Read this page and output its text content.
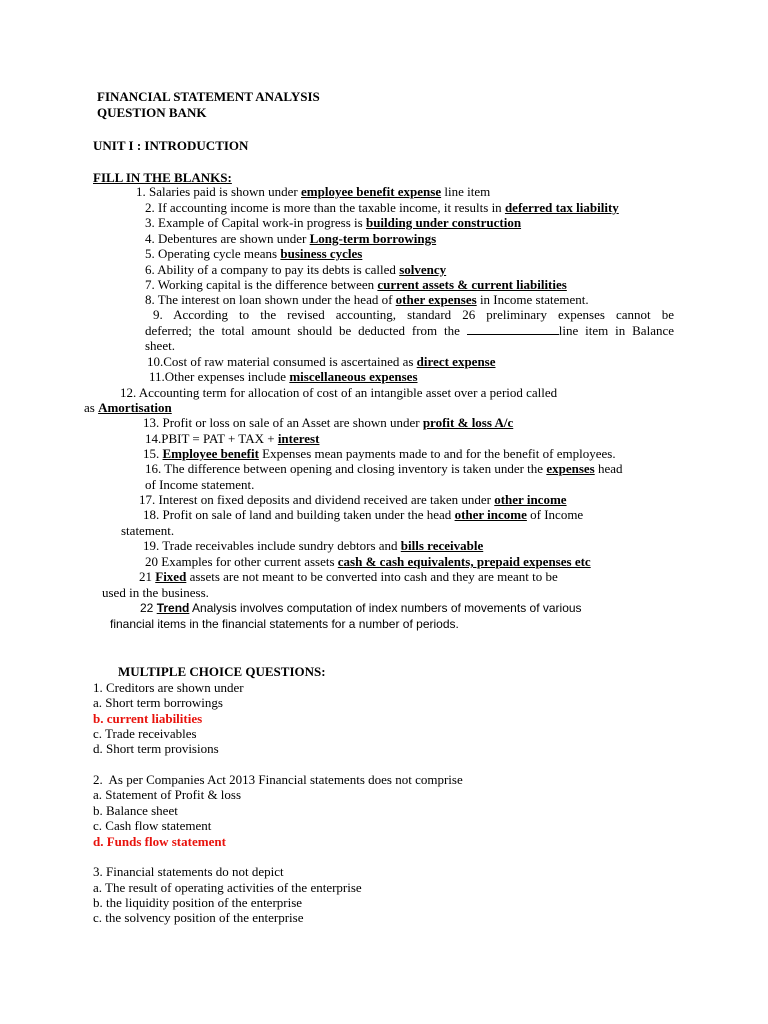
FINANCIAL STATEMENT ANALYSIS
QUESTION BANK
UNIT I : INTRODUCTION
FILL IN THE BLANKS:
1. Salaries paid is shown under employee benefit expense line item
2. If accounting income is more than the taxable income, it results in deferred tax liability
3. Example of Capital work-in progress is building under construction
4. Debentures are shown under Long-term borrowings
5. Operating cycle means business cycles
6. Ability of a company to pay its debts is called solvency
7. Working capital is the difference between current assets & current liabilities
8. The interest on loan shown under the head of other expenses in Income statement.
9. According to the revised accounting, standard 26 preliminary expenses cannot be
deferred; the total amount should be deducted from the	line item in Balance
sheet.
10.Cost of raw material consumed is ascertained as direct expense
11.Other expenses include miscellaneous expenses
12. Accounting term for allocation of cost of an intangible asset over a period called
as Amortisation
13. Profit or loss on sale of an Asset are shown under profit & loss A/c
14.PBIT = PAT + TAX + interest
15. Employee benefit Expenses mean payments made to and for the benefit of employees.
16. The difference between opening and closing inventory is taken under the expenses head
of Income statement.
17. Interest on fixed deposits and dividend received are taken under other income
18. Profit on sale of land and building taken under the head other income of Income
statement.
19. Trade receivables include sundry debtors and bills receivable
20 Examples for other current assets cash & cash equivalents, prepaid expenses etc
21 Fixed assets are not meant to be converted into cash and they are meant to be
used in the business.
22 Trend Analysis involves computation of index numbers of movements of various
financial items in the financial statements for a number of periods.
MULTIPLE CHOICE QUESTIONS:
1. Creditors are shown under
a. Short term borrowings
b. current liabilities
c. Trade receivables
d. Short term provisions
2.  As per Companies Act 2013 Financial statements does not comprise
a. Statement of Profit & loss
b. Balance sheet
c. Cash flow statement
d. Funds flow statement
3. Financial statements do not depict
a. The result of operating activities of the enterprise
b. the liquidity position of the enterprise
c. the solvency position of the enterprise
